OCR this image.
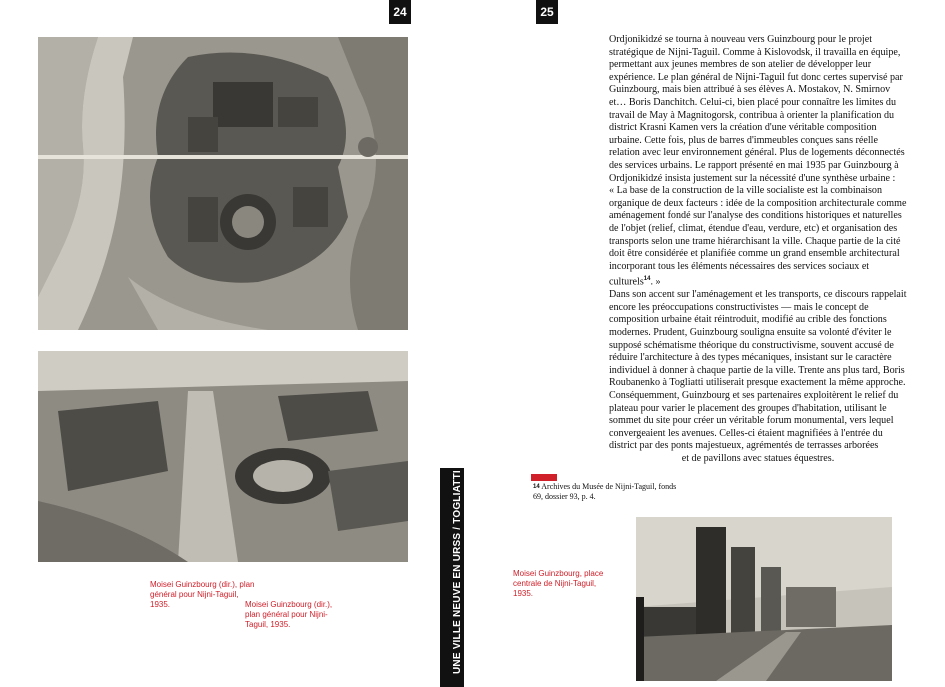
24	25
Moisei Guinzbourg (dir.), plan général pour Nijni-Taguil, 1935.	Moisei Guinzbourg (dir.), plan général pour Nijni-Taguil, 1935.
Moisei Guinzbourg, place centrale de Nijni-Taguil, 1935.
UNE VILLE NEUVE EN URSS / TOGLIATTI ТОЛЬЯТТИ

Ordjonikidzé se tourna à nouveau vers Guinzbourg pour le projet stratégique de Nijni-Taguil. Comme à Kislovodsk, il travailla en équipe, permettant aux jeunes membres de son atelier de développer leur expérience. Le plan général de Nijni-Taguil fut donc certes supervisé par Guinzbourg, mais bien attribué à ses élèves A. Mostakov, N. Smirnov et… Boris Danchitch. Celui-ci, bien placé pour connaître les limites du travail de May à Magnitogorsk, contribua à orienter la planification du district Krasni Kamen vers la création d'une véritable composition urbaine. Cette fois, plus de barres d'immeubles conçues sans réelle relation avec leur environnement général. Plus de logements déconnectés des services urbains. Le rapport présenté en mai 1935 par Guinzbourg à Ordjonikidzé insista justement sur la nécessité d'une synthèse urbaine :

« La base de la construction de la ville socialiste est la combinaison organique de deux facteurs : idée de la composition architecturale comme aménagement fondé sur l'analyse des conditions historiques et naturelles de l'objet (relief, climat, étendue d'eau, verdure, etc) et organisation des transports selon une trame hiérarchisant la ville. Chaque partie de la cité doit être considérée et planifiée comme un grand ensemble architectural incorporant tous les éléments nécessaires des services sociaux et culturels$^{14}$. »

Dans son accent sur l'aménagement et les transports, ce discours rappelait encore les préoccupations constructivistes — mais le concept de composition urbaine était réintroduit, modifié au crible des fonctions modernes. Prudent, Guinzbourg souligna ensuite sa volonté d'éviter le supposé schématisme théorique du constructivisme, souvent accusé de réduire l'architecture à des types mécaniques, insistant sur le caractère individuel à donner à chaque partie de la ville. Trente ans plus tard, Boris Roubanenko à Togliatti utiliserait presque exactement la même approche.

Conséquemment, Guinzbourg et ses partenaires exploitèrent le relief du plateau pour varier le placement des groupes d'habitation, utilisant le sommet du site pour créer un véritable forum monumental, vers lequel convergeaient les avenues. Celles-ci étaient magnifiées à l'entrée du district par des ponts majestueux, agrémentés de terrasses arborées

et de pavillons avec statues équestres.

$^{14}$ Archives du Musée de Nijni-Taguil, fonds 69, dossier 93, p. 4.
